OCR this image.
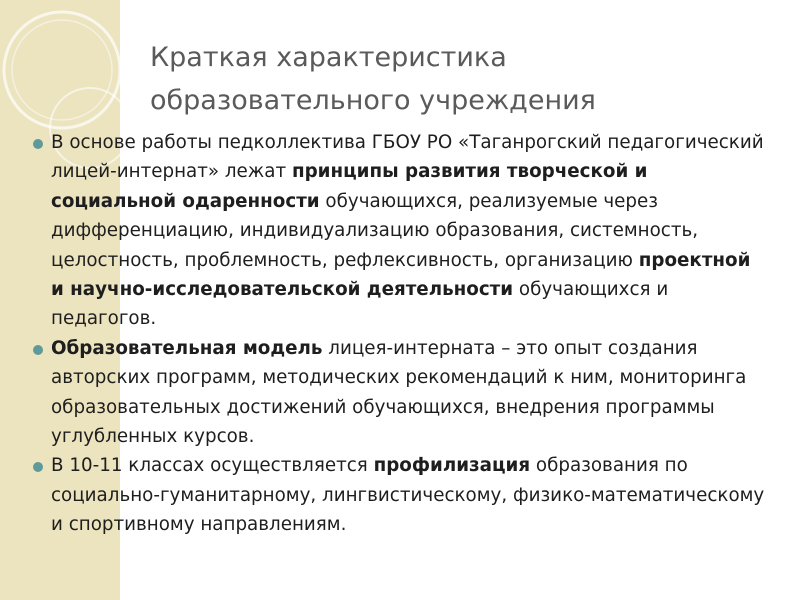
Краткая характеристика
образовательного учреждения

В основе работы педколлектива ГБОУ РО «Таганрогский педагогический лицей-интернат» лежат принципы развития творческой и социальной одаренности обучающихся, реализуемые через дифференциацию, индивидуализацию образования, системность, целостность, проблемность, рефлексивность, организацию проектной и научно-исследовательской деятельности обучающихся и педагогов.

Образовательная модель лицея-интерната – это опыт создания авторских программ, методических рекомендаций к ним, мониторинга образовательных достижений обучающихся, внедрения программы углубленных курсов.

В 10-11 классах осуществляется профилизация образования по социально-гуманитарному, лингвистическому, физико-математическому и спортивному направлениям.
